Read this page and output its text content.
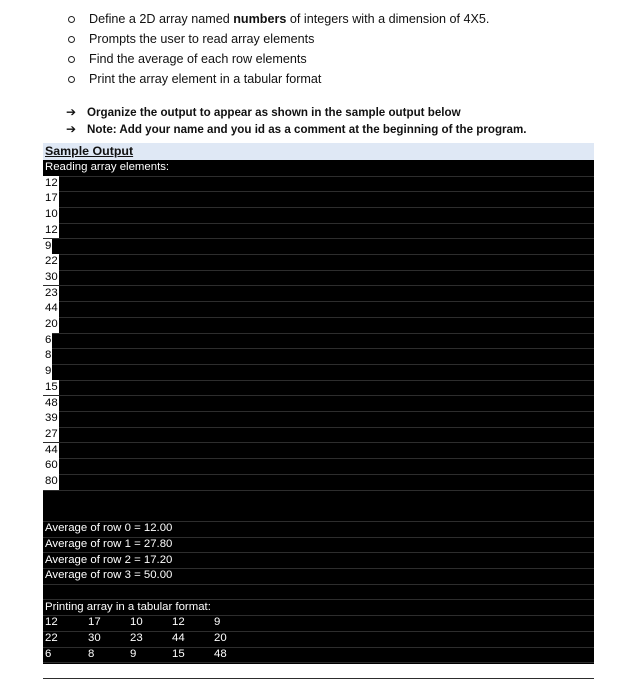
Define a 2D array named numbers of integers with a dimension of 4X5.
Prompts the user to read array elements
Find the average of each row elements
Print the array element in a tabular format
➔ Organize the output to appear as shown in the sample output below
➔ Note: Add your name and you id as a comment at the beginning of the program.
Sample Output
Reading array elements:
12
17
10
12
9
22
30
23
44
20
6
8
9
15
48
39
27
44
60
80
Average of row 0 = 12.00
Average of row 1 = 27.80
Average of row 2 = 17.20
Average of row 3 = 50.00
Printing array in a tabular format:
12	17	10	12	9
22	30	23	44	20
6	8	9	15	48
39	27	44	60	80
